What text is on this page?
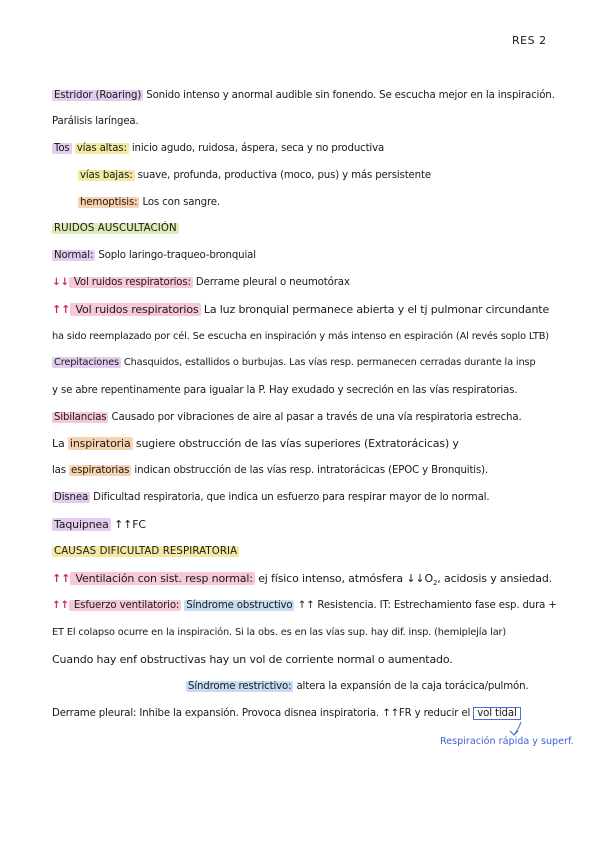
RES 2
Estridor (Roaring) Sonido intenso y anormal audible sin fonendo. Se escucha mejor en la inspiración.
Parálisis laríngea.
Tos vías altas: inicio agudo, ruidosa, áspera, seca y no productiva
vías bajas: suave, profunda, productiva (moco, pus) y más persistente
hemoptisis: Los con sangre.
RUIDOS AUSCULTACIÓN
Normal: Soplo laringo-traqueo-bronquial
↓↓ Vol ruidos respiratorios: Derrame pleural o neumotórax
↑↑ Vol ruidos respiratorios La luz bronquial permanece abierta y el tj pulmonar circundante
ha sido reemplazado por cél. Se escucha en inspiración y más intenso en espiración (Al revés soplo LTB)
Crepitaciones Chasquidos, estallidos o burbujas. Las vías resp. permanecen cerradas durante la insp
y se abre repentinamente para igualar la P. Hay exudado y secreción en las vías respiratorias.
Sibilancias Causado por vibraciones de aire al pasar a través de una vía respiratoria estrecha.
La inspiratoria sugiere obstrucción de las vías superiores (Extratorácicas) y
las espiratorias indican obstrucción de las vías resp. intratorácicas (EPOC y Bronquitis).
Disnea Dificultad respiratoria, que indica un esfuerzo para respirar mayor de lo normal.
Taquipnea ↑↑FC
CAUSAS DIFICULTAD RESPIRATORIA
↑↑ Ventilación con sist. resp normal: ej físico intenso, atmósfera $↓↓O_2$, acidosis y ansiedad.
↑↑ Esfuerzo ventilatorio: Síndrome obstructivo ↑↑ Resistencia. IT: Estrechamiento fase esp. dura +
ET El colapso ocurre en la inspiración. Si la obs. es en las vías sup. hay dif. insp. (hemiplejía lar)
Cuando hay enf obstructivas hay un vol de corriente normal o aumentado.
Síndrome restrictivo: altera la expansión de la caja torácica/pulmón.
Derrame pleural: Inhibe la expansión. Provoca disnea inspiratoria. ↑↑FR y reducir el vol tidal
Respiración rápida y superf.
